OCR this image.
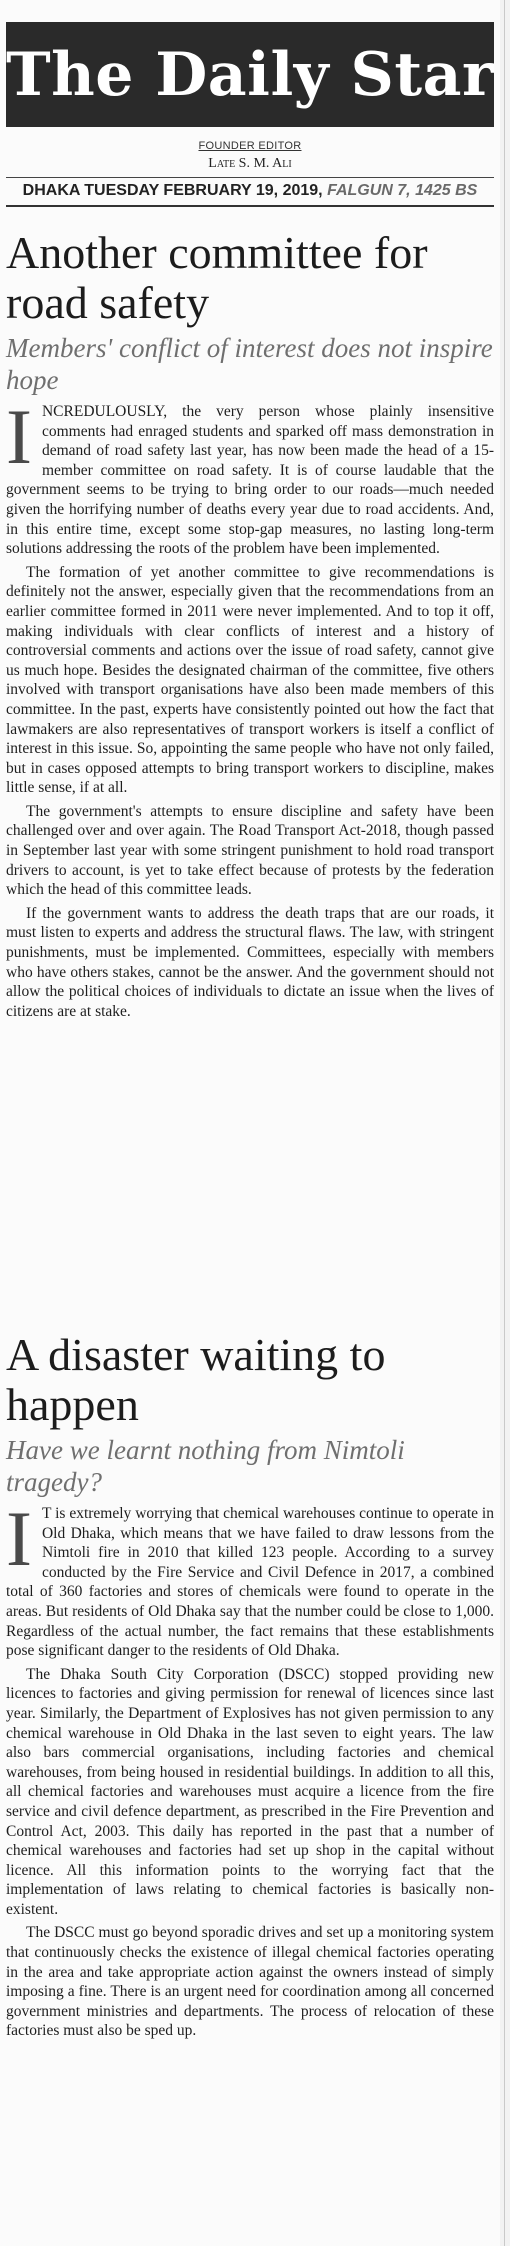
The Daily Star
FOUNDER EDITOR
Late S. M. Ali
DHAKA TUESDAY FEBRUARY 19, 2019, FALGUN 7, 1425 BS
Another committee for road safety
Members' conflict of interest does not inspire hope

INCREDULOUSLY, the very person whose plainly insensitive comments had enraged students and sparked off mass demonstration in demand of road safety last year, has now been made the head of a 15-member committee on road safety. It is of course laudable that the government seems to be trying to bring order to our roads—much needed given the horrifying number of deaths every year due to road accidents. And, in this entire time, except some stop-gap measures, no lasting long-term solutions addressing the roots of the problem have been implemented.

The formation of yet another committee to give recommendations is definitely not the answer, especially given that the recommendations from an earlier committee formed in 2011 were never implemented. And to top it off, making individuals with clear conflicts of interest and a history of controversial comments and actions over the issue of road safety, cannot give us much hope. Besides the designated chairman of the committee, five others involved with transport organisations have also been made members of this committee. In the past, experts have consistently pointed out how the fact that lawmakers are also representatives of transport workers is itself a conflict of interest in this issue. So, appointing the same people who have not only failed, but in cases opposed attempts to bring transport workers to discipline, makes little sense, if at all.

The government's attempts to ensure discipline and safety have been challenged over and over again. The Road Transport Act-2018, though passed in September last year with some stringent punishment to hold road transport drivers to account, is yet to take effect because of protests by the federation which the head of this committee leads.

If the government wants to address the death traps that are our roads, it must listen to experts and address the structural flaws. The law, with stringent punishments, must be implemented. Committees, especially with members who have others stakes, cannot be the answer. And the government should not allow the political choices of individuals to dictate an issue when the lives of citizens are at stake.

A disaster waiting to happen
Have we learnt nothing from Nimtoli tragedy?

I T is extremely worrying that chemical warehouses continue to operate in Old Dhaka, which means that we have failed to draw lessons from the Nimtoli fire in 2010 that killed 123 people. According to a survey conducted by the Fire Service and Civil Defence in 2017, a combined total of 360 factories and stores of chemicals were found to operate in the areas. But residents of Old Dhaka say that the number could be close to 1,000. Regardless of the actual number, the fact remains that these establishments pose significant danger to the residents of Old Dhaka.

The Dhaka South City Corporation (DSCC) stopped providing new licences to factories and giving permission for renewal of licences since last year. Similarly, the Department of Explosives has not given permission to any chemical warehouse in Old Dhaka in the last seven to eight years. The law also bars commercial organisations, including factories and chemical warehouses, from being housed in residential buildings. In addition to all this, all chemical factories and warehouses must acquire a licence from the fire service and civil defence department, as prescribed in the Fire Prevention and Control Act, 2003. This daily has reported in the past that a number of chemical warehouses and factories had set up shop in the capital without licence. All this information points to the worrying fact that the implementation of laws relating to chemical factories is basically non-existent.

The DSCC must go beyond sporadic drives and set up a monitoring system that continuously checks the existence of illegal chemical factories operating in the area and take appropriate action against the owners instead of simply imposing a fine. There is an urgent need for coordination among all concerned government ministries and departments. The process of relocation of these factories must also be sped up.
